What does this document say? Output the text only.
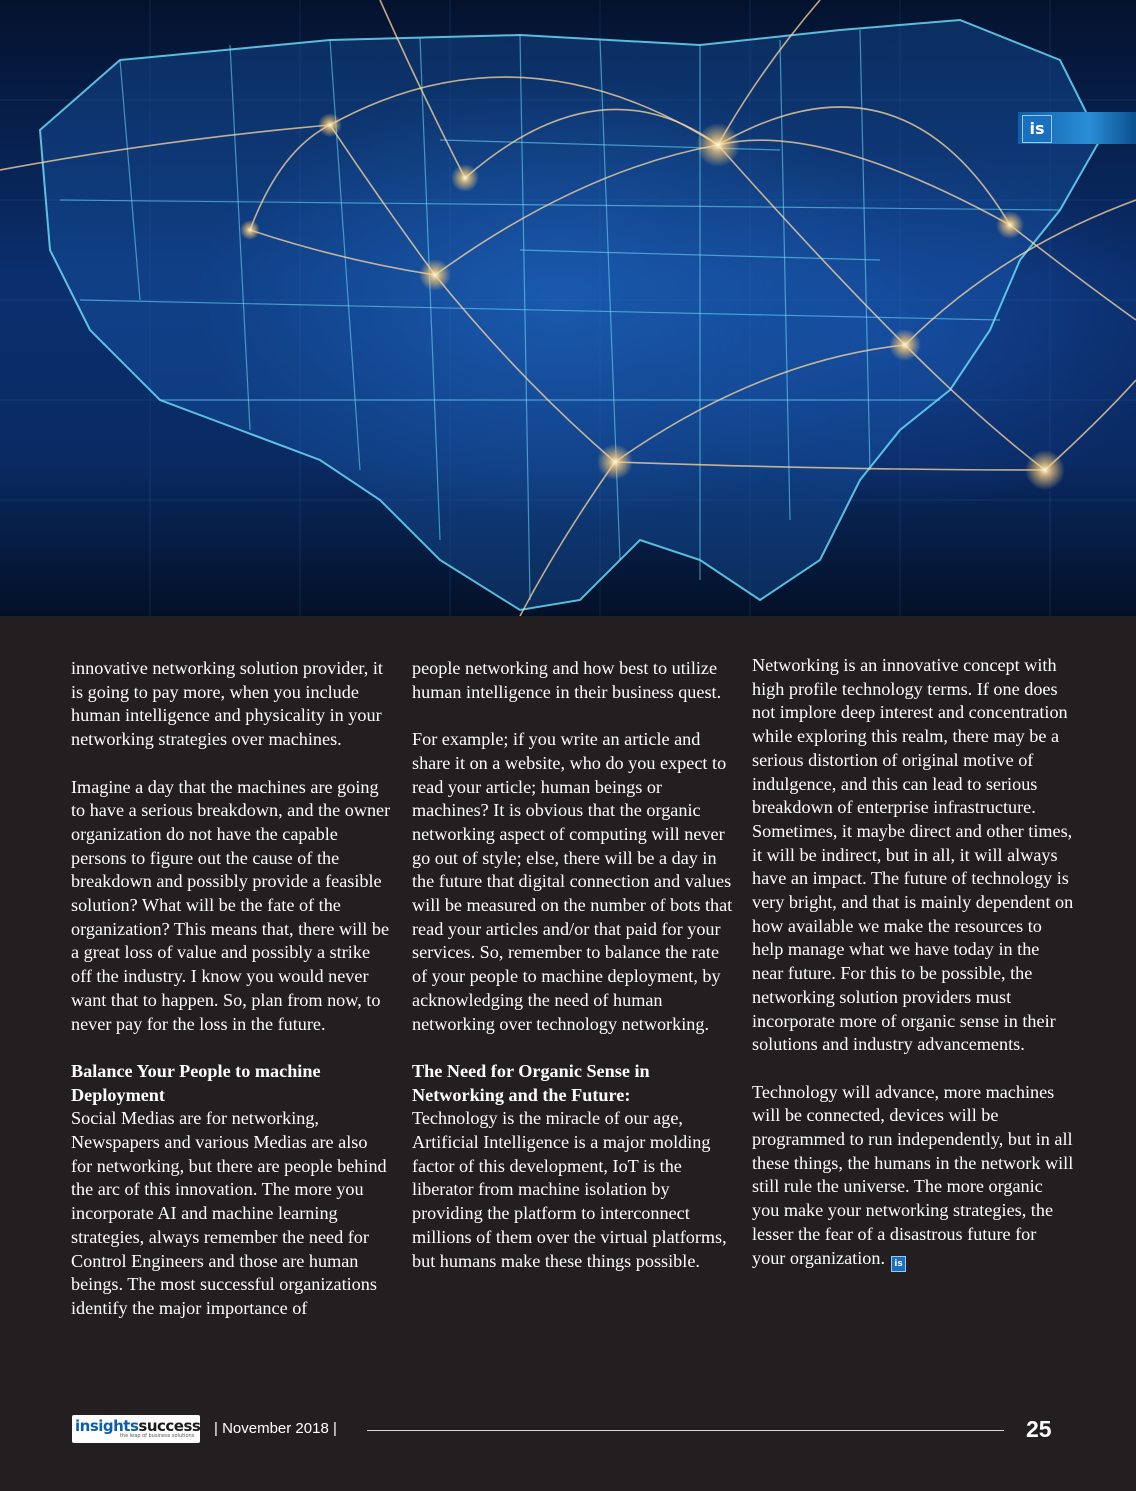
is

innovative networking solution provider, it is going to pay more, when you include human intelligence and physicality in your networking strategies over machines.

Imagine a day that the machines are going to have a serious breakdown, and the owner organization do not have the capable persons to figure out the cause of the breakdown and possibly provide a feasible solution? What will be the fate of the organization? This means that, there will be a great loss of value and possibly a strike off the industry. I know you would never want that to happen. So, plan from now, to never pay for the loss in the future.

Balance Your People to machine Deployment
Social Medias are for networking, Newspapers and various Medias are also for networking, but there are people behind the arc of this innovation. The more you incorporate AI and machine learning strategies, always remember the need for Control Engineers and those are human beings. The most successful organizations identify the major importance of

people networking and how best to utilize human intelligence in their business quest.

For example; if you write an article and share it on a website, who do you expect to read your article; human beings or machines? It is obvious that the organic networking aspect of computing will never go out of style; else, there will be a day in the future that digital connection and values will be measured on the number of bots that read your articles and/or that paid for your services. So, remember to balance the rate of your people to machine deployment, by acknowledging the need of human networking over technology networking.

The Need for Organic Sense in Networking and the Future:
Technology is the miracle of our age, Artificial Intelligence is a major molding factor of this development, IoT is the liberator from machine isolation by providing the platform to interconnect millions of them over the virtual platforms, but humans make these things possible.

Networking is an innovative concept with high profile technology terms. If one does not implore deep interest and concentration while exploring this realm, there may be a serious distortion of original motive of indulgence, and this can lead to serious breakdown of enterprise infrastructure. Sometimes, it maybe direct and other times, it will be indirect, but in all, it will always have an impact. The future of technology is very bright, and that is mainly dependent on how available we make the resources to help manage what we have today in the near future. For this to be possible, the networking solution providers must incorporate more of organic sense in their solutions and industry advancements.

Technology will advance, more machines will be connected, devices will be programmed to run independently, but in all these things, the humans in the network will still rule the universe. The more organic you make your networking strategies, the lesser the fear of a disastrous future for your organization. is

insightssuccess
the leap of business solutions | November 2018 |	25
